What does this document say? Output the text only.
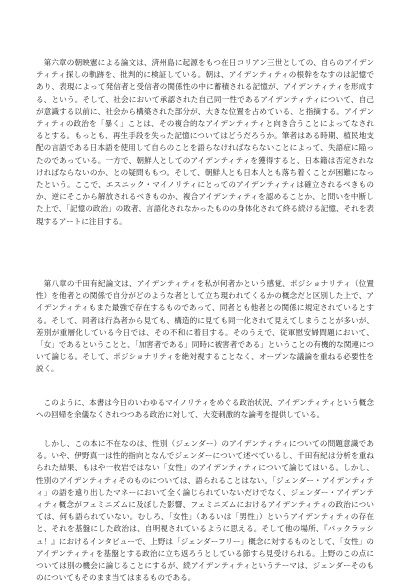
第六章の朝映憲による論文は、済州島に起源をもつ在日コリアン三世としての、自らのアイデンティティ探しの軌跡を、批判的に検証している。朝は、アイデンティティの根幹をなすのは記憶であり、表現によって発信者と受信者の関係性の中に蓄積される記憶が、アイデンティティを形成する、という。そして、社会において承認された自己同一性であるアイデンティティについて、自己が意識する以前に、社会から構築された部分が、大きな位置を占めている、と指摘する。アイデンティティの政治を「暴く」ことは、その複合的なアイデンティティと向き合うことによってなされるとする。もっとも、再生手段を失った記憶についてはどうだろうか。筆者はある時期、植民地支配の言語である日本語を使用して自らのことを語らなければならないことによって、失語症に陥ったのであっている。一方で、朝鮮人としてのアイデンティティを獲得すると、日本籍は否定されなければならないのか、との疑問ももつ。そして、朝鮮人とも日本人とも落ち着くことが困難になったという。ここで、エスニック・マイノリティにとってのアイデンティティは確立されるべきものか、逆にそこから解放されるべきものか、複合アイデンティティを認めることか、と問いを中断した上で、「記憶の政治」の敗者、言語化されなかったものの身体化されて終る続ける記憶、それを表現するアートに注目する。

第八章の千田有紀論文は、アイデンティティを私が何者かという感覚、ポジショナリティ（位置性）を他者との関係で自分がどのような者として立ち現われてくるかの概念だと区別した上で、アイデンティティもまた最強で存在するものであって、同者とも他者との関係に規定されているとする。そして、同者は行為者から見ても、構造的に見ても同一化されて見えてしまうことが多いが、差別が重層化している今日では、その不和に着目する。そのうえで、従軍慰安婦問題において、「女」であるということと、「加害者である」同時に被害者である」ということの有機的な関連について論じる。そして、ポジショナリティを絶対視することなく、オープンな議論を重ねる必要性を説く。

このように、本書は今日のいわゆるマイノリティをめぐる政治状況、アイデンティティという概念への回帰を余儀なくされつつある政治に対して、大変刺激的な論考を提供している。

しかし、この本に不在なのは、性別（ジェンダー）のアイデンティティについての問題意識である。いや、伊野真一は性的指向となんでジェンダーについて述べているし、千田有紀は分析を重ねられた結果、もはや一枚岩ではない「女性」のアイデンティティについて論じてはいる。しかし、性別のアイデンティティそのものについては、語られることはない。「ジェンダー・アイデンティティ」の語を遠り出したマネーにおいて全く論じられていないだけでなく、ジェンダー・アイデンティティ概念がフェミニズムに及ぼした影響、フェミニズムにおけるアイデンティティの政治については、何も語られていない。むしろ、「女性」（あるいは「男性」）というアイデンティティの存在と、それを基盤にした政治は、自明視されているように思える。そして他の場所、『バックラッシュ！』におけるインタビューで、上野は「ジェンダーフリー」概念に対するものとして、「女性」のアイデンティティを基盤とする政治に立ち返ろうとしている節すら見受けられる。上野のこの点については別の機会に論じることにするが、続アイデンティティというテーマは、ジェンダーそのものについてもそのまま当てはまるものである。
